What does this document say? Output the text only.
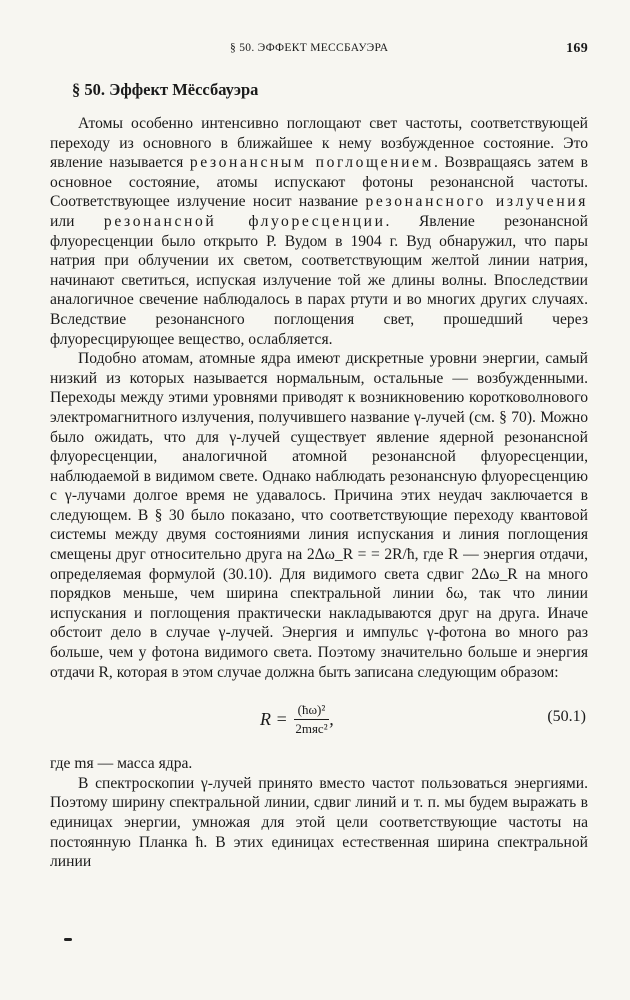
§ 50. ЭФФЕКТ МЕССБАУЭРА	169
§ 50. Эффект Мёссбауэра

Атомы особенно интенсивно поглощают свет частоты, соответствующей переходу из основного в ближайшее к нему возбужденное состояние. Это явление называется резонансным поглощением. Возвращаясь затем в основное состояние, атомы испускают фотоны резонансной частоты. Соответствующее излучение носит название резонансного излучения или резонансной флуоресценции. Явление резонансной флуоресценции было открыто Р. Вудом в 1904 г. Вуд обнаружил, что пары натрия при облучении их светом, соответствующим желтой линии натрия, начинают светиться, испуская излучение той же длины волны. Впоследствии аналогичное свечение наблюдалось в парах ртути и во многих других случаях. Вследствие резонансного поглощения свет, прошедший через флуоресцирующее вещество, ослабляется.

Подобно атомам, атомные ядра имеют дискретные уровни энергии, самый низкий из которых называется нормальным, остальные — возбужденными. Переходы между этими уровнями приводят к возникновению коротковолнового электромагнитного излучения, получившего название γ-лучей (см. § 70). Можно было ожидать, что для γ-лучей существует явление ядерной резонансной флуоресценции, аналогичной атомной резонансной флуоресценции, наблюдаемой в видимом свете. Однако наблюдать резонансную флуоресценцию с γ-лучами долгое время не удавалось. Причина этих неудач заключается в следующем. В § 30 было показано, что соответствующие переходу квантовой системы между двумя состояниями линия испускания и линия поглощения смещены друг относительно друга на 2Δω_R = = 2R/ħ, где R — энергия отдачи, определяемая формулой (30.10). Для видимого света сдвиг 2Δω_R на много порядков меньше, чем ширина спектральной линии δω, так что линии испускания и поглощения практически накладываются друг на друга. Иначе обстоит дело в случае γ-лучей. Энергия и импульс γ-фотона во много раз больше, чем у фотона видимого света. Поэтому значительно больше и энергия отдачи R, которая в этом случае должна быть записана следующим образом:

$R = \frac{\text{(ħω)²}}{\text{2mяc²}}$ ,	(50.1)

где mя — масса ядра.

В спектроскопии γ-лучей принято вместо частот пользоваться энергиями. Поэтому ширину спектральной линии, сдвиг линий и т. п. мы будем выражать в единицах энергии, умножая для этой цели соответствующие частоты на постоянную Планка ħ. В этих единицах естественная ширина спектральной линии
